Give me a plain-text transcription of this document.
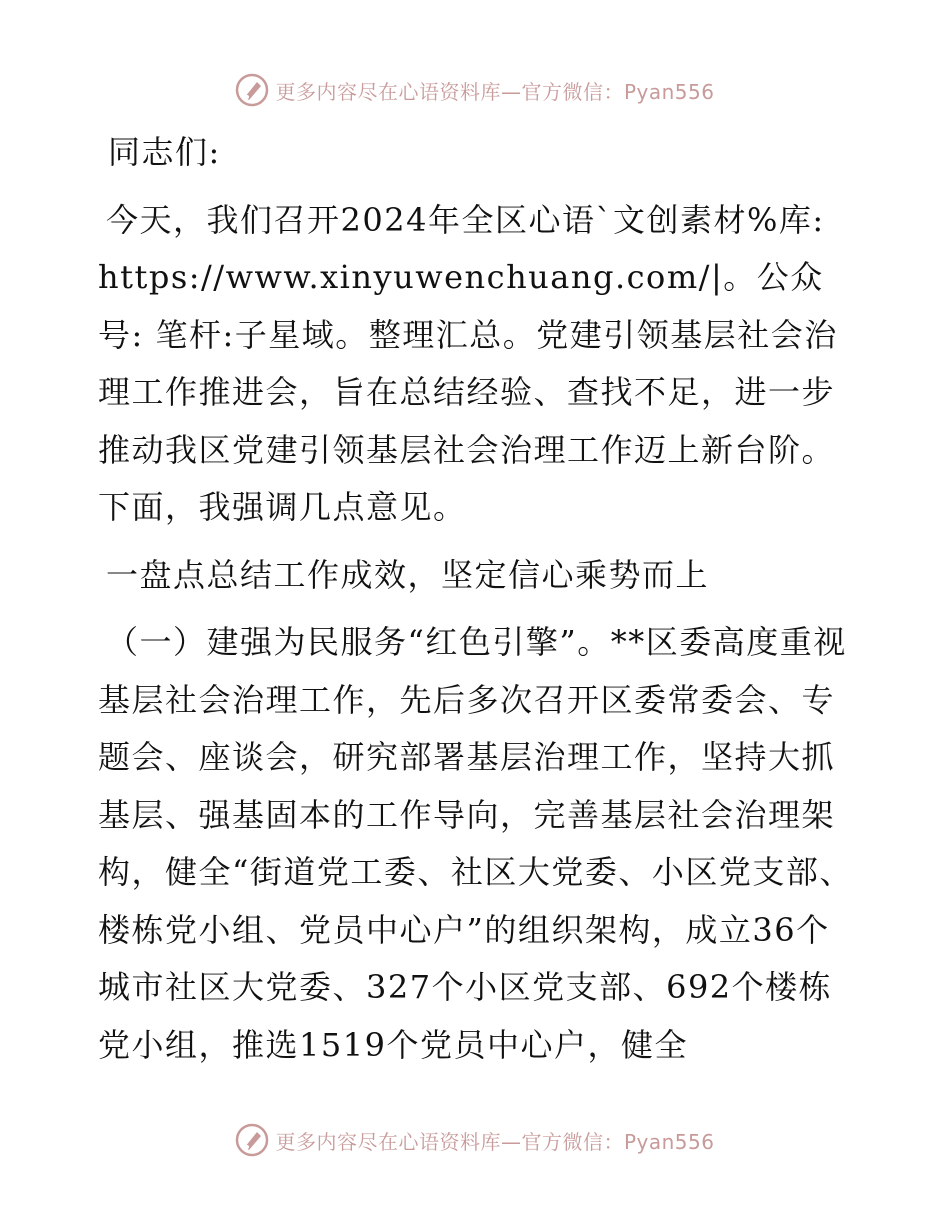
更多内容尽在心语资料库—官方微信：Pyan556

同志们:

今天，我们召开2024年全区心语`文创素材%库: https://www.xinyuwenchuang.com/|。公众号: 笔杆:子星域。整理汇总。党建引领基层社会治理工作推进会，旨在总结经验、查找不足，进一步推动我区党建引领基层社会治理工作迈上新台阶。下面，我强调几点意见。

一盘点总结工作成效，坚定信心乘势而上

（一）建强为民服务“红色引擎”。**区委高度重视基层社会治理工作，先后多次召开区委常委会、专题会、座谈会，研究部署基层治理工作，坚持大抓基层、强基固本的工作导向，完善基层社会治理架构，健全“街道党工委、社区大党委、小区党支部、楼栋党小组、党员中心户”的组织架构，成立36个城市社区大党委、327个小区党支部、692个楼栋党小组，推选1519个党员中心户，健全

更多内容尽在心语资料库—官方微信：Pyan556
